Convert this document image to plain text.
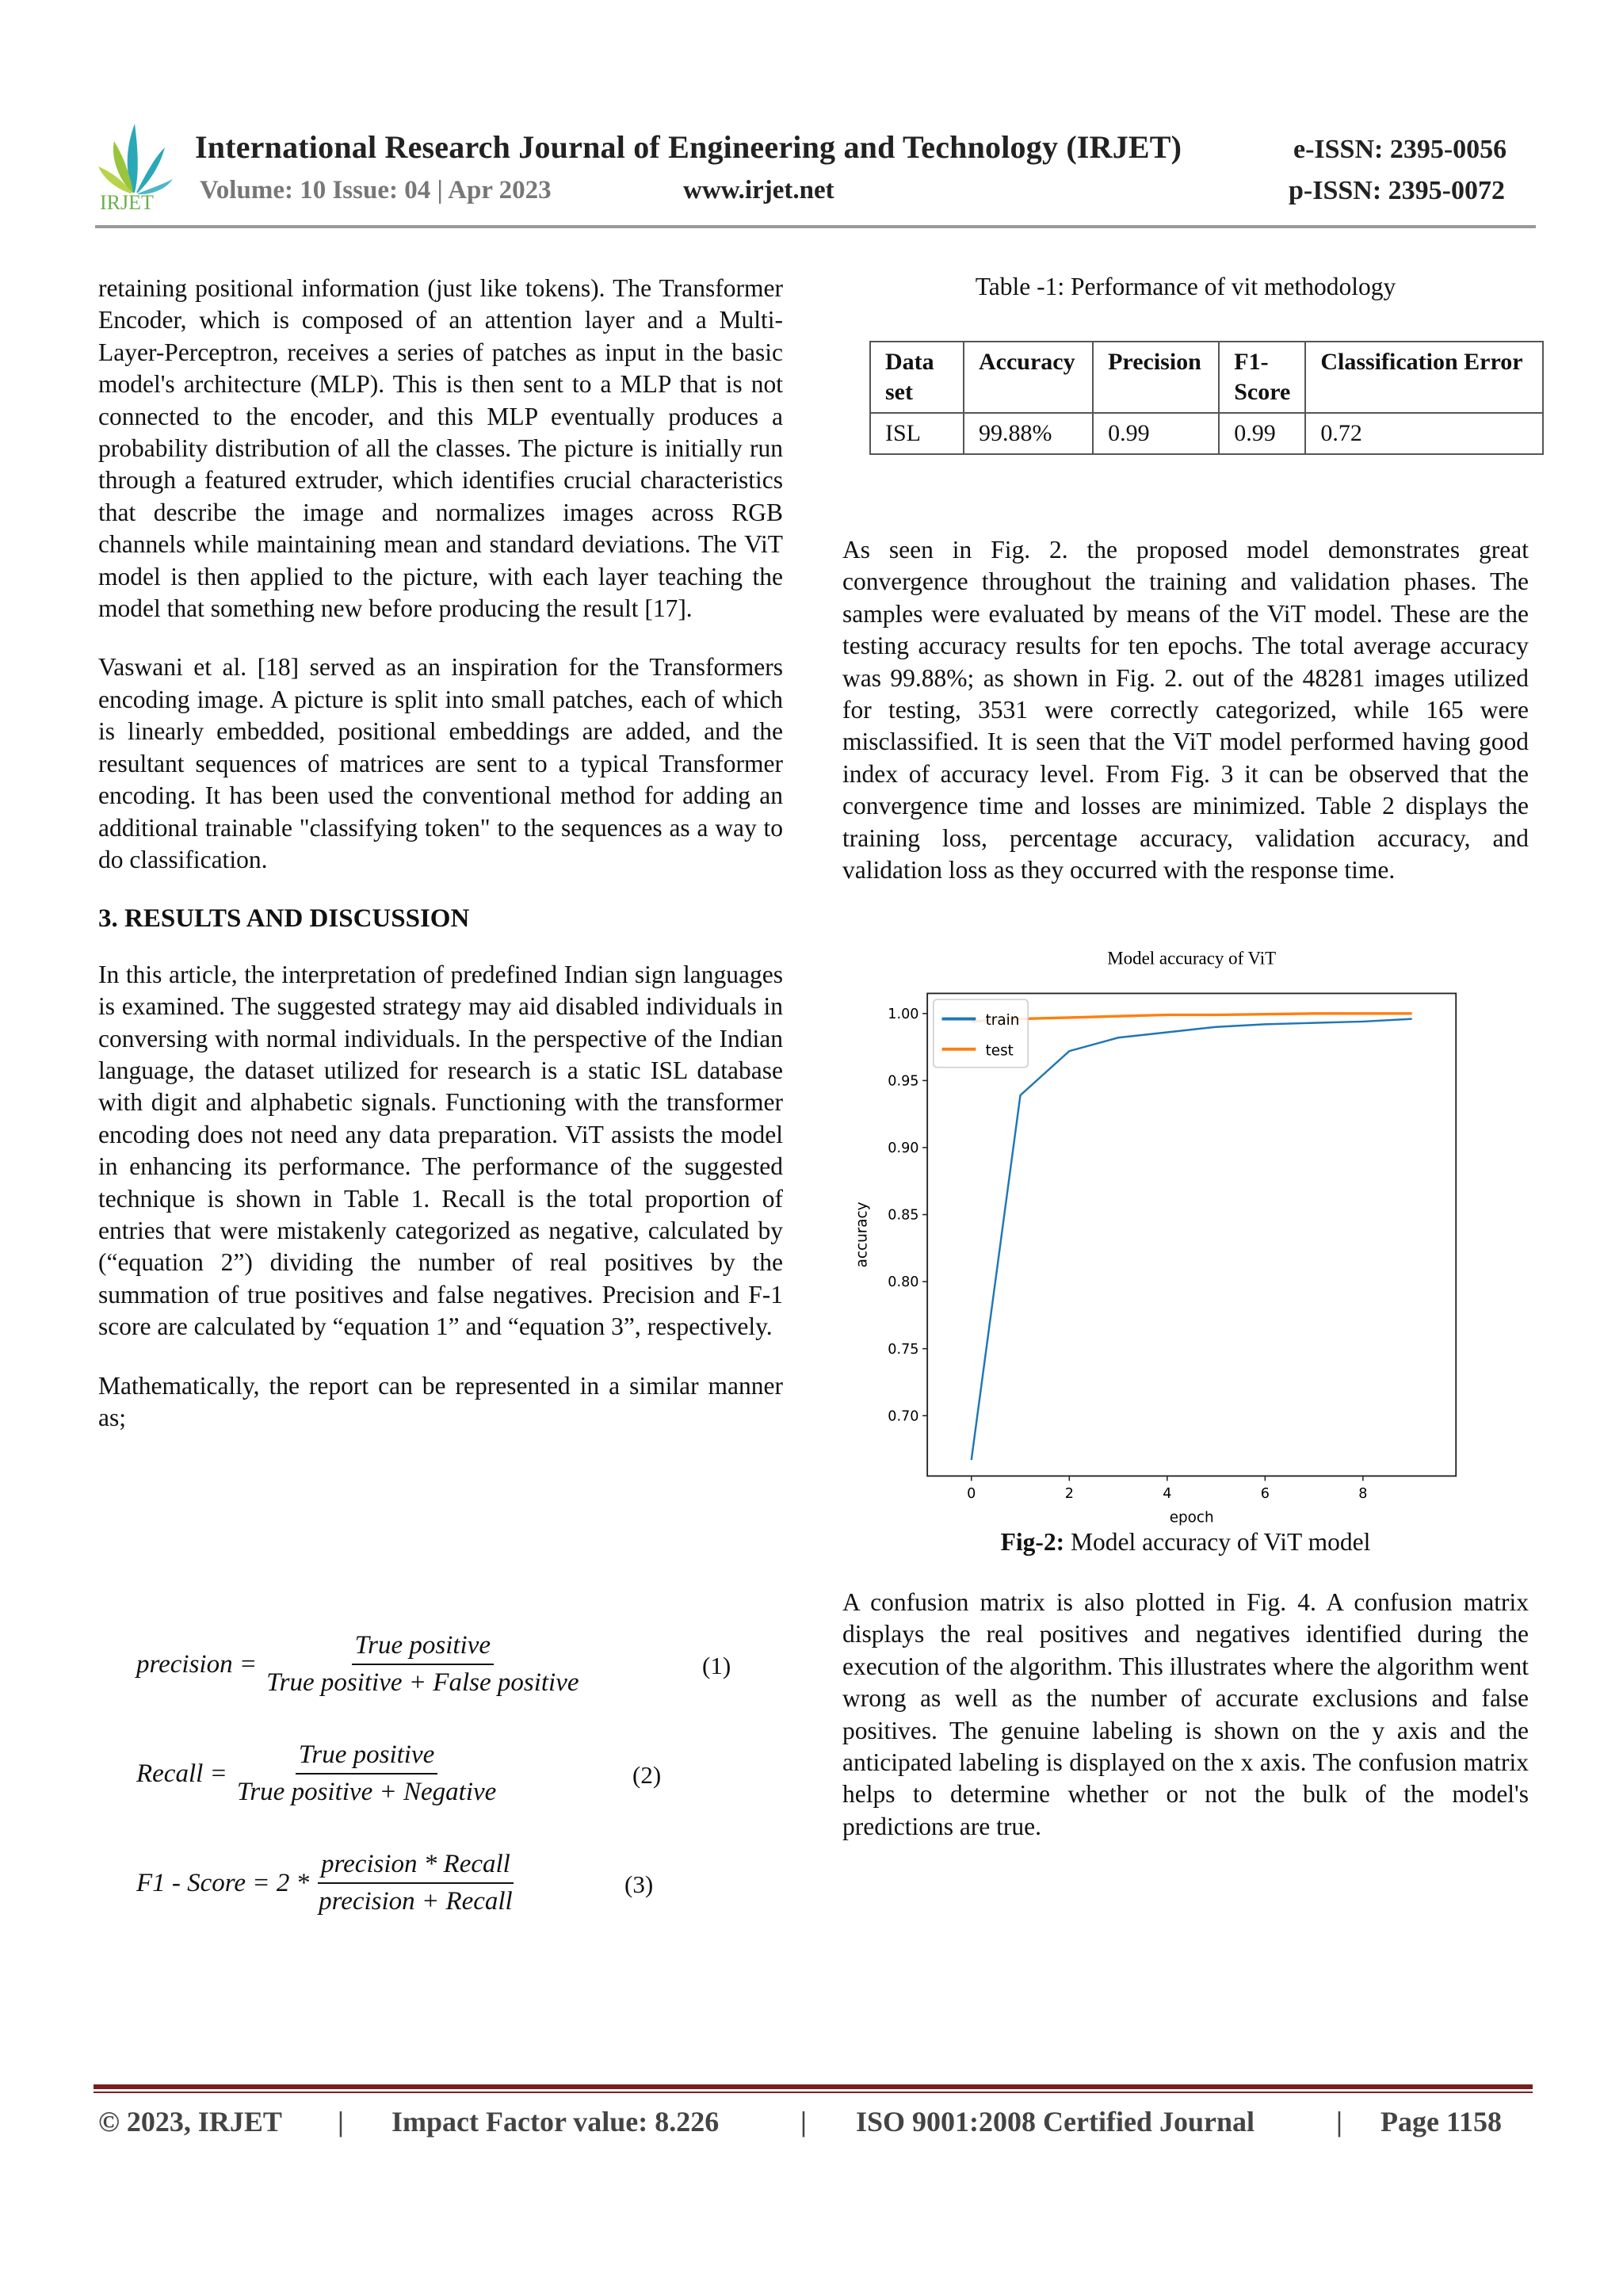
IRJET
International Research Journal of Engineering and Technology (IRJET)
Volume: 10 Issue: 04 | Apr 2023	www.irjet.net
e-ISSN: 2395-0056
p-ISSN: 2395-0072

retaining positional information (just like tokens). The Transformer Encoder, which is composed of an attention layer and a Multi-Layer-Perceptron, receives a series of patches as input in the basic model's architecture (MLP). This is then sent to a MLP that is not connected to the encoder, and this MLP eventually produces a probability distribution of all the classes. The picture is initially run through a featured extruder, which identifies crucial characteristics that describe the image and normalizes images across RGB channels while maintaining mean and standard deviations. The ViT model is then applied to the picture, with each layer teaching the model that something new before producing the result [17].

Vaswani et al. [18] served as an inspiration for the Transformers encoding image. A picture is split into small patches, each of which is linearly embedded, positional embeddings are added, and the resultant sequences of matrices are sent to a typical Transformer encoding. It has been used the conventional method for adding an additional trainable "classifying token" to the sequences as a way to do classification.

3. RESULTS AND DISCUSSION

In this article, the interpretation of predefined Indian sign languages is examined. The suggested strategy may aid disabled individuals in conversing with normal individuals. In the perspective of the Indian language, the dataset utilized for research is a static ISL database with digit and alphabetic signals. Functioning with the transformer encoding does not need any data preparation. ViT assists the model in enhancing its performance. The performance of the suggested technique is shown in Table 1. Recall is the total proportion of entries that were mistakenly categorized as negative, calculated by (“equation 2”) dividing the number of real positives by the summation of true positives and false negatives. Precision and F-1 score are calculated by “equation 1” and “equation 3”, respectively.

Mathematically, the report can be represented in a similar manner as;

precision = $\frac{\text{True positive}}{\text{True positive + False positive}}$	(1)
Recall = $\frac{\text{True positive}}{\text{True positive + Negative}}$	(2)
F1 - Score = $2 * \frac{\text{precision * Recall}}{\text{precision + Recall}}$	(3)
Table -1: Performance of vit methodology
Data set	Accuracy	Precision	F1-Score	Classification Error
ISL	99.88%	0.99	0.99	0.72
As seen in Fig. 2. the proposed model demonstrates great convergence throughout the training and validation phases. The samples were evaluated by means of the ViT model. These are the testing accuracy results for ten epochs. The total average accuracy was 99.88%; as shown in Fig. 2. out of the 48281 images utilized for testing, 3531 were correctly categorized, while 165 were misclassified. It is seen that the ViT model performed having good index of accuracy level. From Fig. 3 it can be observed that the convergence time and losses are minimized. Table 2 displays the training loss, percentage accuracy, validation accuracy, and validation loss as they occurred with the response time.
Model accuracy of ViT
0.70
0.75
0.80
0.85
0.90
0.95
1.00
0	2	4	6	8
epoch
accuracy
train
test
Fig-2: Model accuracy of ViT model
A confusion matrix is also plotted in Fig. 4. A confusion matrix displays the real positives and negatives identified during the execution of the algorithm. This illustrates where the algorithm went wrong as well as the number of accurate exclusions and false positives. The genuine labeling is shown on the y axis and the anticipated labeling is displayed on the x axis. The confusion matrix helps to determine whether or not the bulk of the model's predictions are true.
© 2023, IRJET | Impact Factor value: 8.226	| ISO 9001:2008 Certified Journal	| Page 1158
